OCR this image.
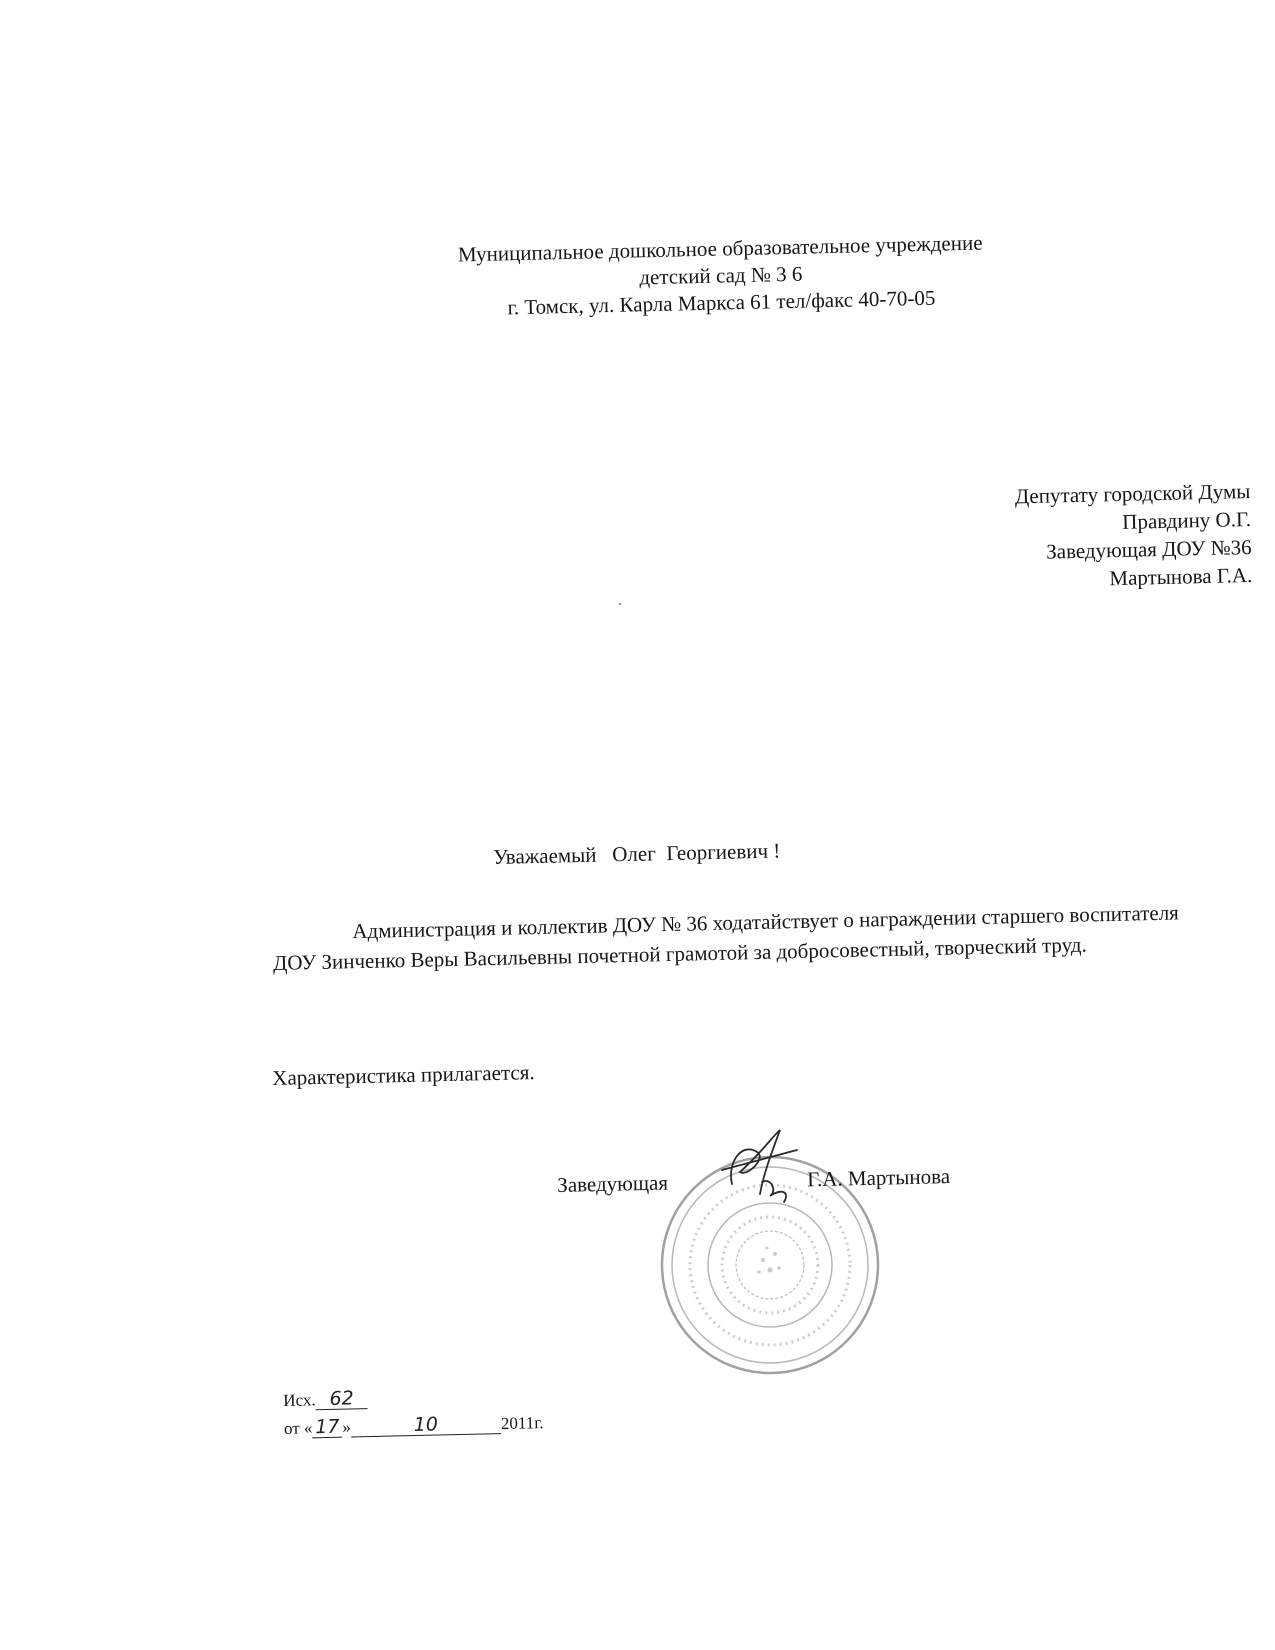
Муниципальное дошкольное образовательное учреждение
детский сад № 3 6
г. Томск, ул. Карла Маркса 61 тел/факс 40-70-05
Депутату городской Думы
Правдину О.Г.
Заведующая ДОУ №36
Мартынова Г.А.
Уважаемый   Олег  Георгиевич !
Администрация и коллектив ДОУ № 36 ходатайствует о награждении старшего воспитателя ДОУ Зинченко Веры Васильевны почетной грамотой за добросовестный, творческий труд.
Характеристика прилагается.
Заведующая	Г.А. Мартынова
Исх. 62
от « 17 »	10	2011г.
